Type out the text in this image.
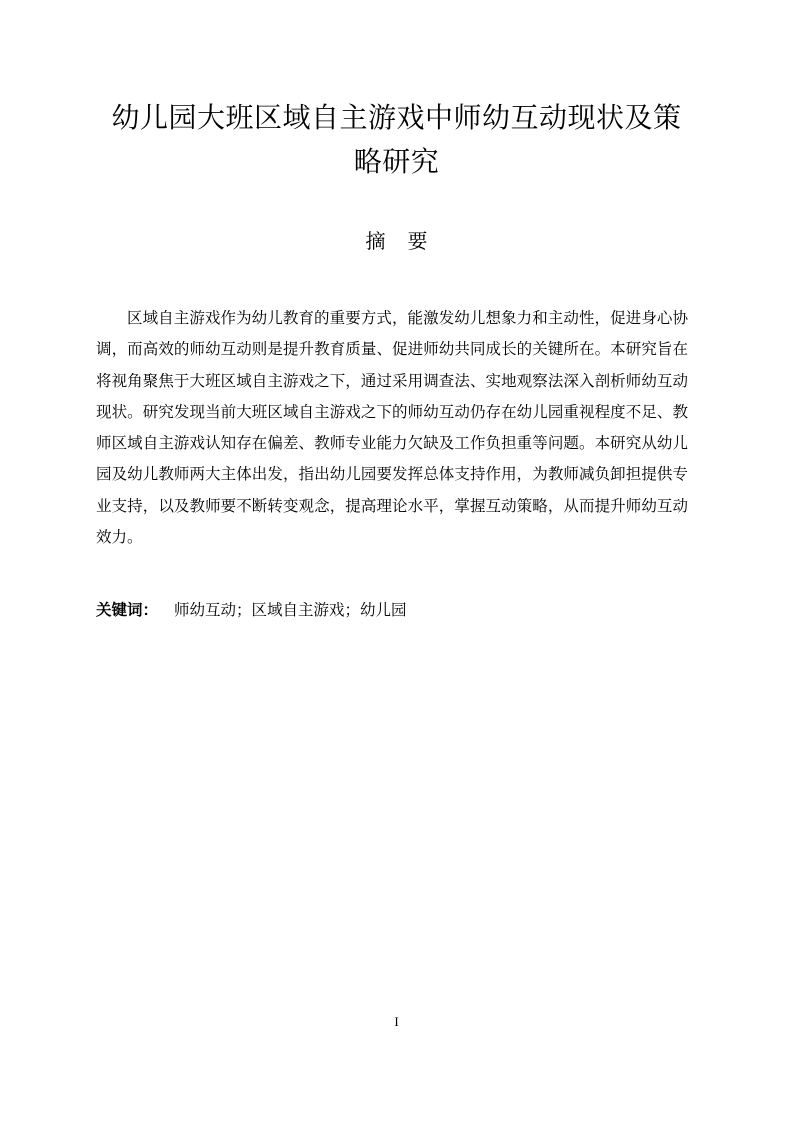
幼儿园大班区域自主游戏中师幼互动现状及策
略研究
摘 要

区域自主游戏作为幼儿教育的重要方式，能激发幼儿想象力和主动性，促进身心协调，而高效的师幼互动则是提升教育质量、促进师幼共同成长的关键所在。本研究旨在将视角聚焦于大班区域自主游戏之下，通过采用调查法、实地观察法深入剖析师幼互动现状。研究发现当前大班区域自主游戏之下的师幼互动仍存在幼儿园重视程度不足、教师区域自主游戏认知存在偏差、教师专业能力欠缺及工作负担重等问题。本研究从幼儿园及幼儿教师两大主体出发，指出幼儿园要发挥总体支持作用，为教师减负卸担提供专业支持，以及教师要不断转变观念，提高理论水平，掌握互动策略，从而提升师幼互动效力。

关键词： 师幼互动；区域自主游戏；幼儿园

I
